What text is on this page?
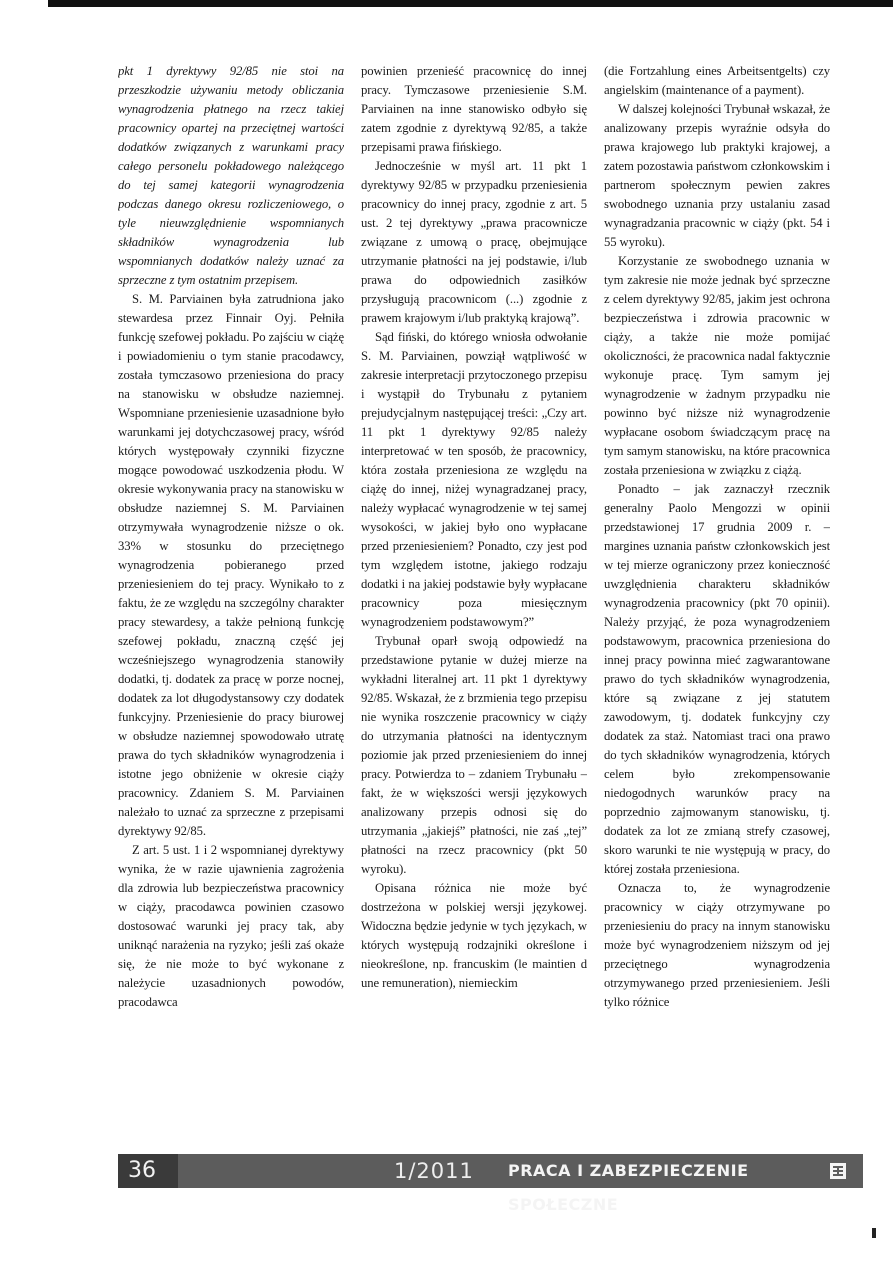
pkt 1 dyrektywy 92/85 nie stoi na przeszkodzie używaniu metody obliczania wynagrodzenia płatnego na rzecz takiej pracownicy opartej na przeciętnej wartości dodatków związanych z warunkami pracy całego personelu pokładowego należącego do tej samej kategorii wynagrodzenia podczas danego okresu rozliczeniowego, o tyle nieuwzględnienie wspomnianych składników wynagrodzenia lub wspomnianych dodatków należy uznać za sprzeczne z tym ostatnim przepisem.

S. M. Parviainen była zatrudniona jako stewardesa przez Finnair Oyj. Pełniła funkcję szefowej pokładu. Po zajściu w ciążę i powiadomieniu o tym stanie pracodawcy, została tymczasowo przeniesiona do pracy na stanowisku w obsłudze naziemnej. Wspomniane przeniesienie uzasadnione było warunkami jej dotychczasowej pracy, wśród których występowały czynniki fizyczne mogące powodować uszkodzenia płodu. W okresie wykonywania pracy na stanowisku w obsłudze naziemnej S. M. Parviainen otrzymywała wynagrodzenie niższe o ok. 33% w stosunku do przeciętnego wynagrodzenia pobieranego przed przeniesieniem do tej pracy. Wynikało to z faktu, że ze względu na szczególny charakter pracy stewardesy, a także pełnioną funkcję szefowej pokładu, znaczną część jej wcześniejszego wynagrodzenia stanowiły dodatki, tj. dodatek za pracę w porze nocnej, dodatek za lot długodystansowy czy dodatek funkcyjny. Przeniesienie do pracy biurowej w obsłudze naziemnej spowodowało utratę prawa do tych składników wynagrodzenia i istotne jego obniżenie w okresie ciąży pracownicy. Zdaniem S. M. Parviainen należało to uznać za sprzeczne z przepisami dyrektywy 92/85.

Z art. 5 ust. 1 i 2 wspomnianej dyrektywy wynika, że w razie ujawnienia zagrożenia dla zdrowia lub bezpieczeństwa pracownicy w ciąży, pracodawca powinien czasowo dostosować warunki jej pracy tak, aby uniknąć narażenia na ryzyko; jeśli zaś okaże się, że nie może to być wykonane z należycie uzasadnionych powodów, pracodawca

powinien przenieść pracownicę do innej pracy. Tymczasowe przeniesienie S.M. Parviainen na inne stanowisko odbyło się zatem zgodnie z dyrektywą 92/85, a także przepisami prawa fińskiego.

Jednocześnie w myśl art. 11 pkt 1 dyrektywy 92/85 w przypadku przeniesienia pracownicy do innej pracy, zgodnie z art. 5 ust. 2 tej dyrektywy „prawa pracownicze związane z umową o pracę, obejmujące utrzymanie płatności na jej podstawie, i/lub prawa do odpowiednich zasiłków przysługują pracownicom (...) zgodnie z prawem krajowym i/lub praktyką krajową”.

Sąd fiński, do którego wniosła odwołanie S. M. Parviainen, powziął wątpliwość w zakresie interpretacji przytoczonego przepisu i wystąpił do Trybunału z pytaniem prejudycjalnym następującej treści: „Czy art. 11 pkt 1 dyrektywy 92/85 należy interpretować w ten sposób, że pracownicy, która została przeniesiona ze względu na ciążę do innej, niżej wynagradzanej pracy, należy wypłacać wynagrodzenie w tej samej wysokości, w jakiej było ono wypłacane przed przeniesieniem? Ponadto, czy jest pod tym względem istotne, jakiego rodzaju dodatki i na jakiej podstawie były wypłacane pracownicy poza miesięcznym wynagrodzeniem podstawowym?”

Trybunał oparł swoją odpowiedź na przedstawione pytanie w dużej mierze na wykładni literalnej art. 11 pkt 1 dyrektywy 92/85. Wskazał, że z brzmienia tego przepisu nie wynika roszczenie pracownicy w ciąży do utrzymania płatności na identycznym poziomie jak przed przeniesieniem do innej pracy. Potwierdza to – zdaniem Trybunału – fakt, że w większości wersji językowych analizowany przepis odnosi się do utrzymania „jakiejś” płatności, nie zaś „tej” płatności na rzecz pracownicy (pkt 50 wyroku).

Opisana różnica nie może być dostrzeżona w polskiej wersji językowej. Widoczna będzie jedynie w tych językach, w których występują rodzajniki określone i nieokreślone, np. francuskim (le maintien d une remuneration), niemieckim

(die Fortzahlung eines Arbeitsentgelts) czy angielskim (maintenance of a payment).

W dalszej kolejności Trybunał wskazał, że analizowany przepis wyraźnie odsyła do prawa krajowego lub praktyki krajowej, a zatem pozostawia państwom członkowskim i partnerom społecznym pewien zakres swobodnego uznania przy ustalaniu zasad wynagradzania pracownic w ciąży (pkt. 54 i 55 wyroku).

Korzystanie ze swobodnego uznania w tym zakresie nie może jednak być sprzeczne z celem dyrektywy 92/85, jakim jest ochrona bezpieczeństwa i zdrowia pracownic w ciąży, a także nie może pomijać okoliczności, że pracownica nadal faktycznie wykonuje pracę. Tym samym jej wynagrodzenie w żadnym przypadku nie powinno być niższe niż wynagrodzenie wypłacane osobom świadczącym pracę na tym samym stanowisku, na które pracownica została przeniesiona w związku z ciążą.

Ponadto – jak zaznaczył rzecznik generalny Paolo Mengozzi w opinii przedstawionej 17 grudnia 2009 r. – margines uznania państw członkowskich jest w tej mierze ograniczony przez konieczność uwzględnienia charakteru składników wynagrodzenia pracownicy (pkt 70 opinii). Należy przyjąć, że poza wynagrodzeniem podstawowym, pracownica przeniesiona do innej pracy powinna mieć zagwarantowane prawo do tych składników wynagrodzenia, które są związane z jej statutem zawodowym, tj. dodatek funkcyjny czy dodatek za staż. Natomiast traci ona prawo do tych składników wynagrodzenia, których celem było zrekompensowanie niedogodnych warunków pracy na poprzednio zajmowanym stanowisku, tj. dodatek za lot ze zmianą strefy czasowej, skoro warunki te nie występują w pracy, do której została przeniesiona.

Oznacza to, że wynagrodzenie pracownicy w ciąży otrzymywane po przeniesieniu do pracy na innym stanowisku może być wynagrodzeniem niższym od jej przeciętnego wynagrodzenia otrzymywanego przed przeniesieniem. Jeśli tylko różnice

36	1/2011 PRACA I ZABEZPIECZENIE SPOŁECZNE
